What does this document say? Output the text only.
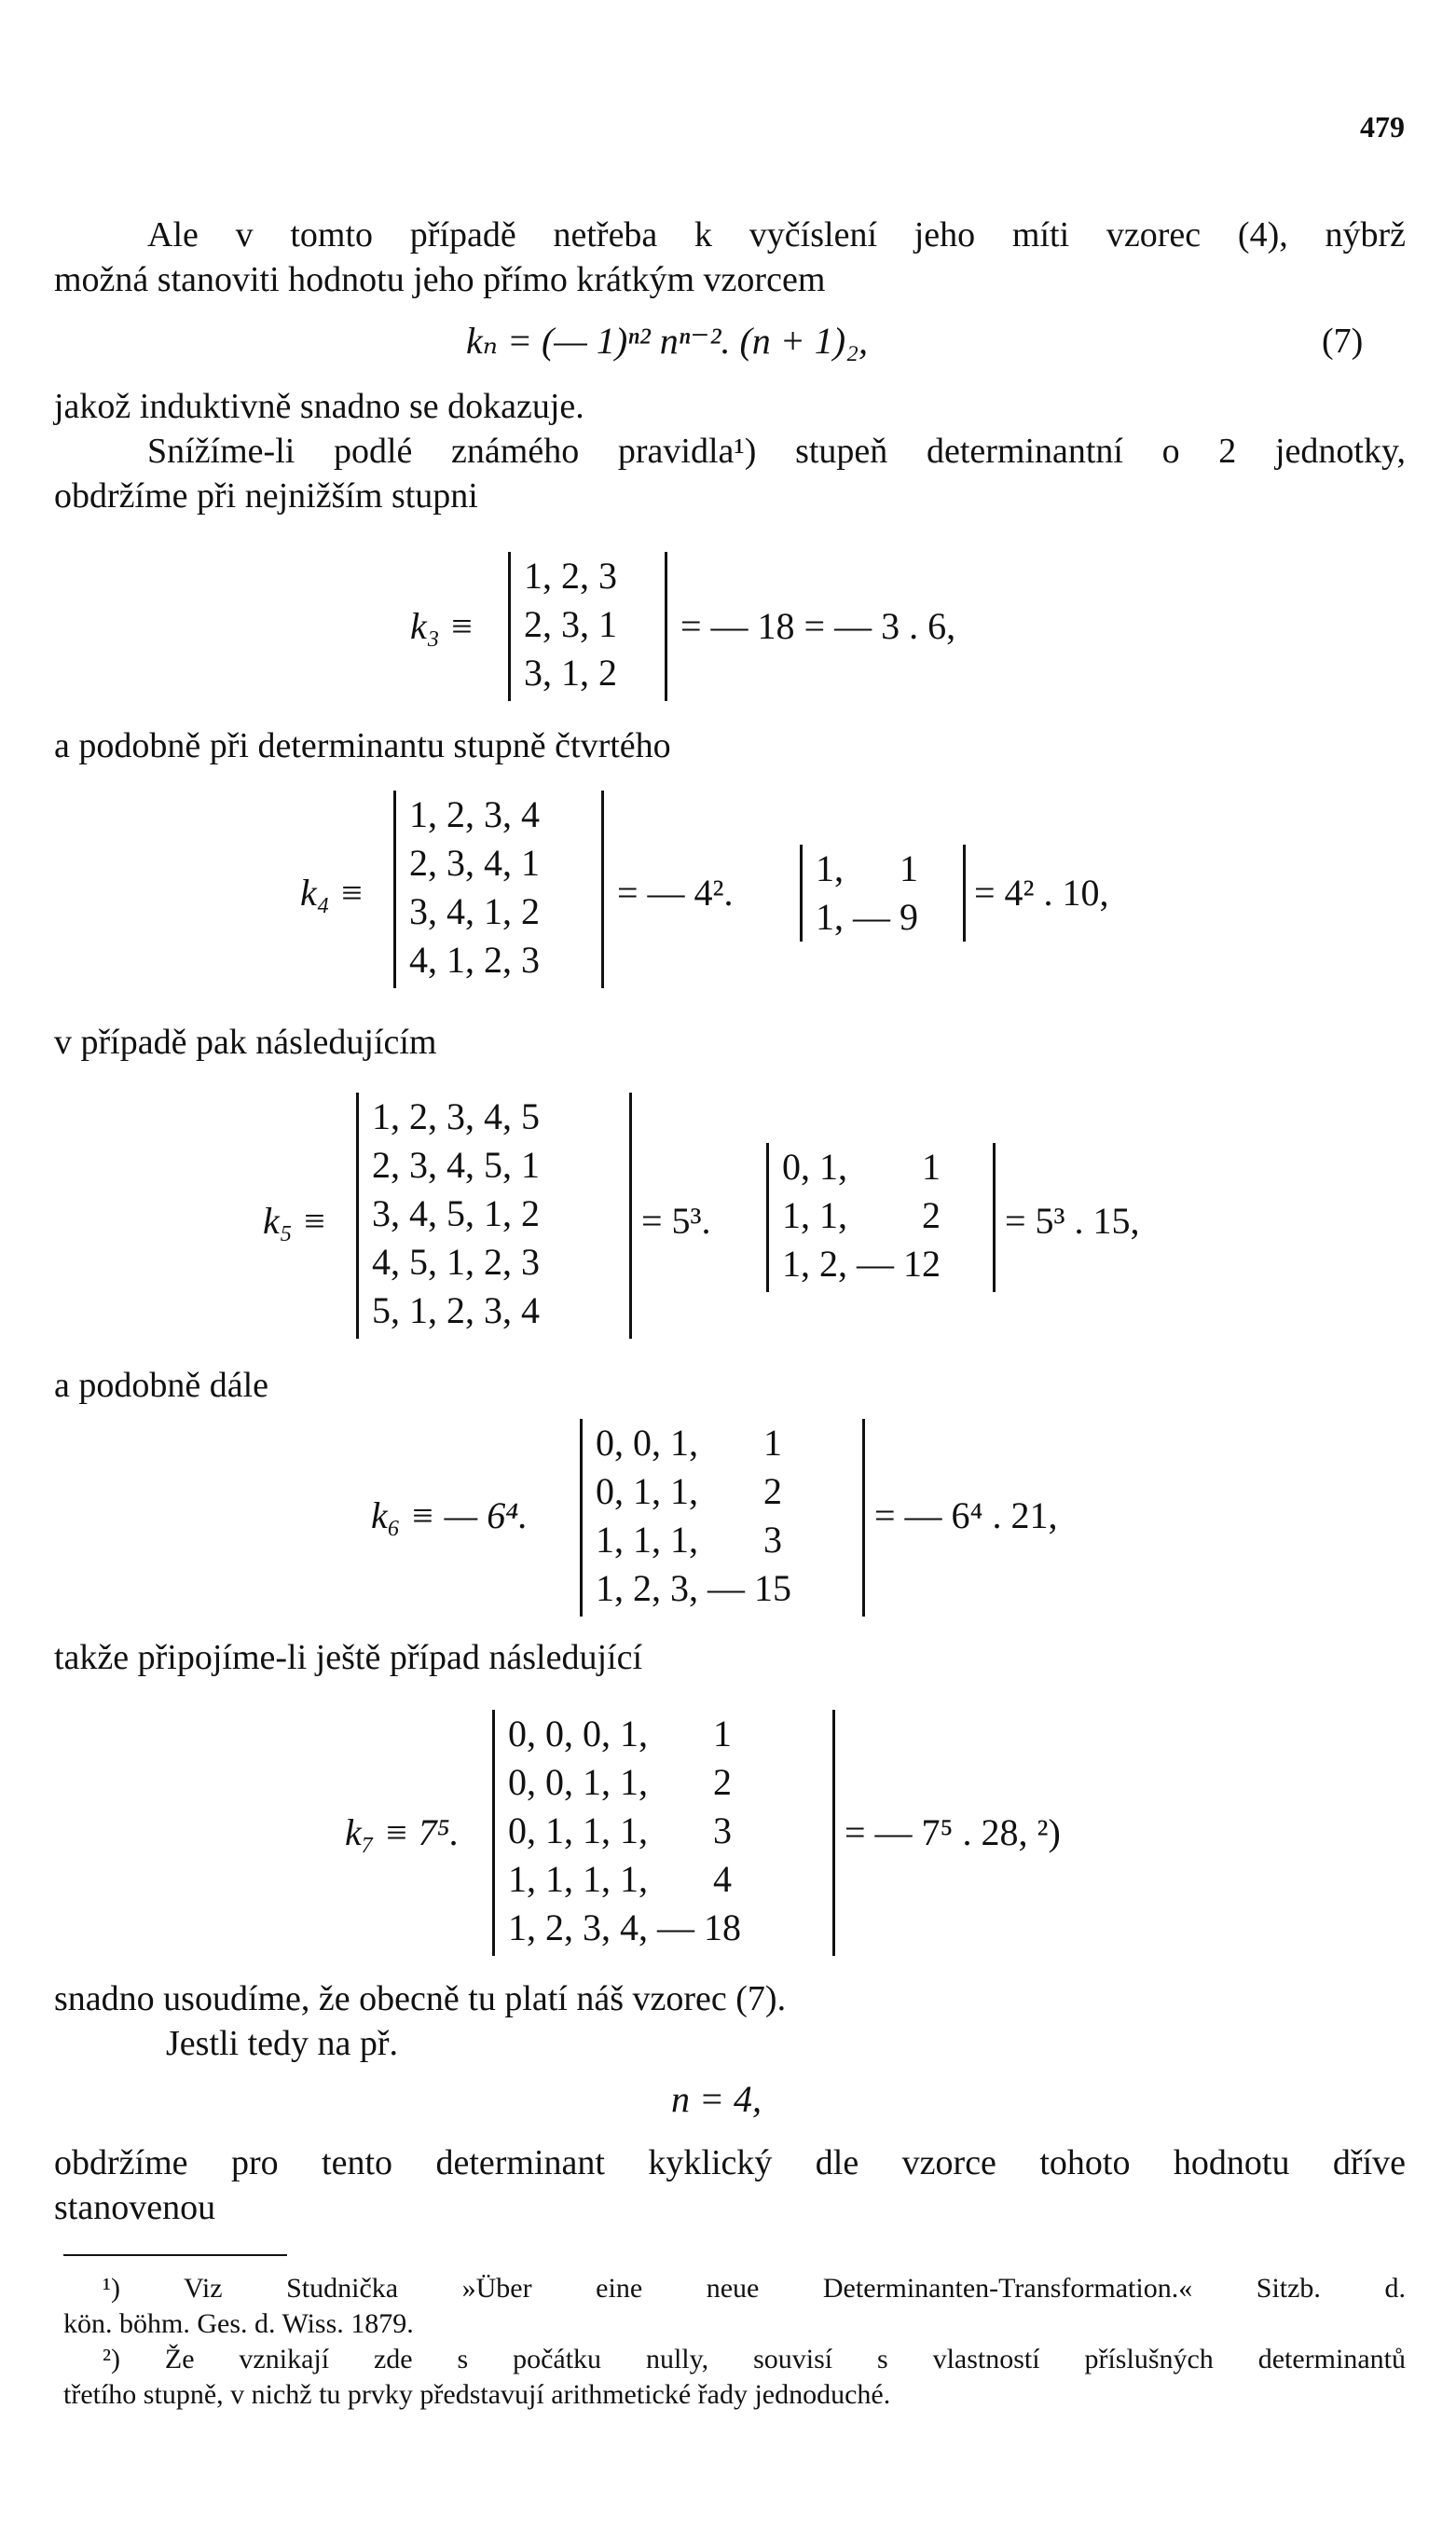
479
Ale v tomto případě netřeba k vyčíslení jeho míti vzorec (4), nýbrž
možná stanoviti hodnotu jeho přímo krátkým vzorcem
kₙ = (— 1)ⁿ² nⁿ⁻². (n + 1)₂,	(7)
jakož induktivně snadno se dokazuje.
Snížíme-li podlé známého pravidla¹) stupeň determinantní o 2 jednotky,
obdržíme při nejnižším stupni
k₃ ≡
1, 2, 3
2, 3, 1
3, 1, 2
= — 18 = — 3 . 6,
a podobně při determinantu stupně čtvrtého
k₄ ≡
1, 2, 3, 4
2, 3, 4, 1
3, 4, 1, 2
4, 1, 2, 3
= — 4².
1,      1
1, — 9
= 4² . 10,
v případě pak následujícím
k₅ ≡
1, 2, 3, 4, 5
2, 3, 4, 5, 1
3, 4, 5, 1, 2
4, 5, 1, 2, 3
5, 1, 2, 3, 4
= 5³.
0, 1,        1
1, 1,        2
1, 2, — 12
= 5³ . 15,
a podobně dále
k₆ ≡ — 6⁴.
0, 0, 1,       1
0, 1, 1,       2
1, 1, 1,       3
1, 2, 3, — 15
= — 6⁴ . 21,
takže připojíme-li ještě případ následující
k₇ ≡ 7⁵.
0, 0, 0, 1,       1
0, 0, 1, 1,       2
0, 1, 1, 1,       3
1, 1, 1, 1,       4
1, 2, 3, 4, — 18
= — 7⁵ . 28, ²)
snadno usoudíme, že obecně tu platí náš vzorec (7).
Jestli tedy na př.
n = 4,
obdržíme pro tento determinant kyklický dle vzorce tohoto hodnotu dříve
stanovenou
¹) Viz Studnička »Über eine neue Determinanten-Transformation.« Sitzb. d.
kön. böhm. Ges. d. Wiss. 1879.
²) Že vznikají zde s počátku nully, souvisí s vlastností příslušných determinantů
třetího stupně, v nichž tu prvky představují arithmetické řady jednoduché.
